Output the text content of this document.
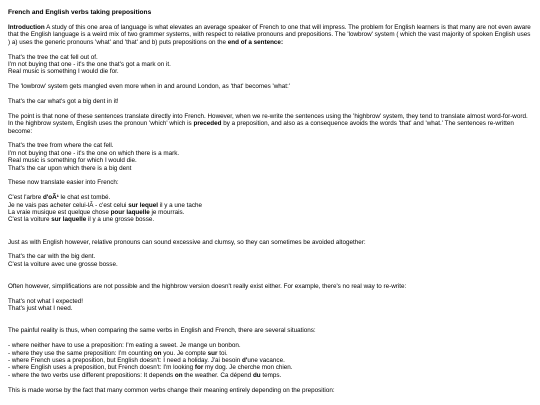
French and English verbs taking prepositions

Introduction A study of this one area of language is what elevates an average speaker of French to one that will impress. The problem for English learners is that many are not even aware that the English language is a weird mix of two grammer systems, with respect to relative pronouns and prepositions. The 'lowbrow' system ( which the vast majority of spoken English uses ) a) uses the generic pronouns 'what' and 'that' and b) puts prepositions on the end of a sentence:

That's the tree the cat fell out of.
I'm not buying that one - it's the one that's got a mark on it.
Real music is something I would die for.

The 'lowbrow' system gets mangled even more when in and around London, as 'that' becomes 'what:'

That's the car what's got a big dent in it!

The point is that none of these sentences translate directly into French. However, when we re-write the sentences using the 'highbrow' system, they tend to translate almost word-for-word. In the highbrow system, English uses the pronoun 'which' which is preceded by a preposition, and also as a consequence avoids the words 'that' and 'what.' The sentences re-written become:

That's the tree from where the cat fell.
I'm not buying that one - it's the one on which there is a mark.
Real music is something for which I would die.
That's the car upon which there is a big dent

These now translate easier into French:

C'est l'arbre d'oÃ¹ le chat est tombé.
Je ne vais pas acheter celui-lÃ - c'est celui sur lequel il y a une tache
La vraie musique est quelque chose pour laquelle je mourrais.
C'est la voiture sur laquelle il y a une grosse bosse.

Just as with English however, relative pronouns can sound excessive and clumsy, so they can sometimes be avoided altogether:

That's the car with the big dent.
C'est la voiture avec une grosse bosse.

Often however, simplifications are not possible and the highbrow version doesn't really exist either. For example, there's no real way to re-write:

That's not what I expected!
That's just what I need.

The painful reality is thus, when comparing the same verbs in English and French, there are several situations:

- where neither have to use a preposition: I'm eating a sweet. Je mange un bonbon.
- where they use the same preposition: I'm counting on you. Je compte sur toi.
- where French uses a preposition, but English doesn't: I need a holiday. J'ai besoin d'une vacance.
- where English uses a preposition, but French doesn't: I'm looking for my dog. Je cherche mon chien.
- where the two verbs use different prepositions: It depends on the weather. Ca dépend du temps.

This is made worse by the fact that many common verbs change their meaning entirely depending on the preposition:
